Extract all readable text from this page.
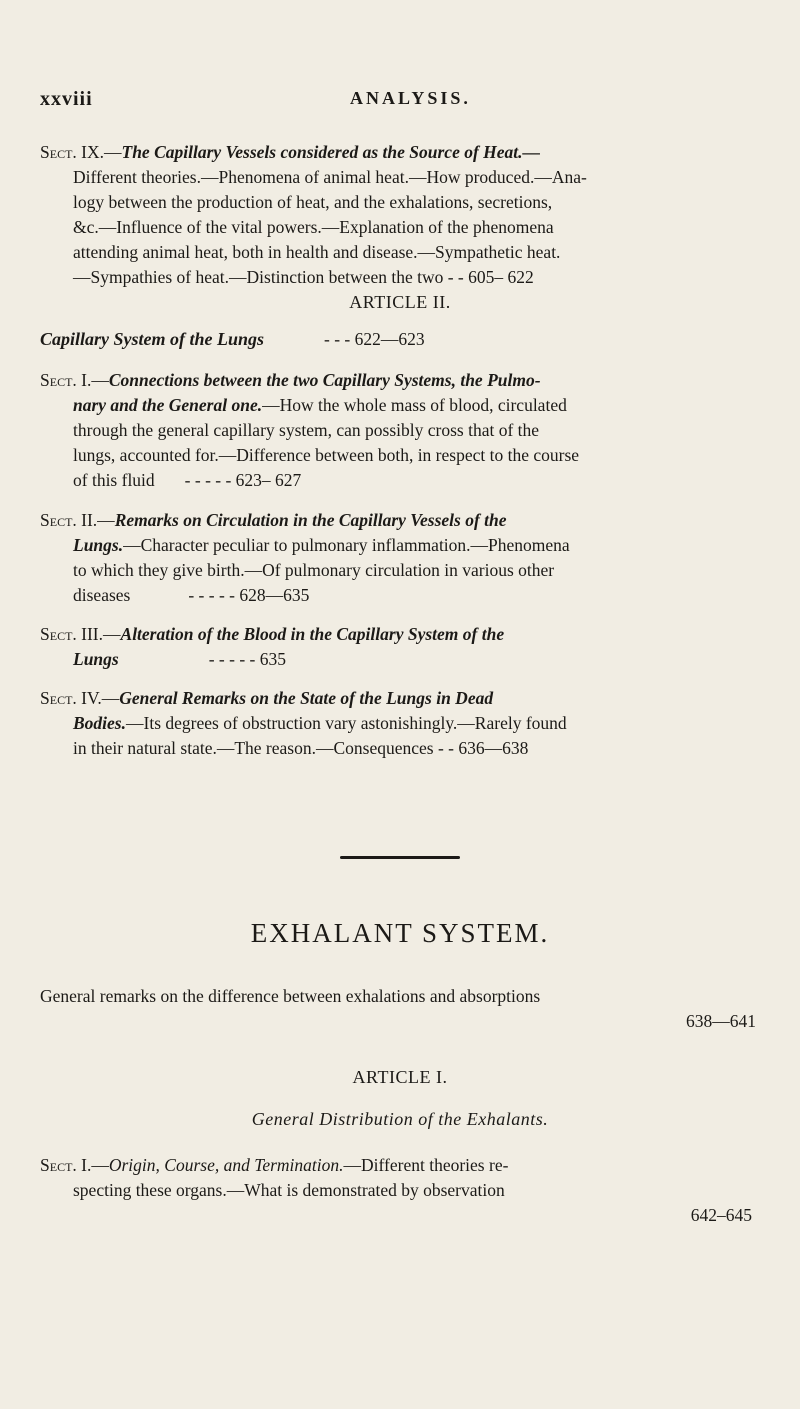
xxviii	ANALYSIS.
Sect. IX.—The Capillary Vessels considered as the Source of Heat.—
Different theories.—Phenomena of animal heat.—How produced.—Ana-
logy between the production of heat, and the exhalations, secretions,
&c.—Influence of the vital powers.—Explanation of the phenomena
attending animal heat, both in health and disease.—Sympathetic heat.
—Sympathies of heat.—Distinction between the two - - 605– 622
ARTICLE II.
Capillary System of the Lungs	- - - 622—623
Sect. I.—Connections between the two Capillary Systems, the Pulmo-
nary and the General one.—How the whole mass of blood, circulated
through the general capillary system, can possibly cross that of the
lungs, accounted for.—Difference between both, in respect to the course
of this fluid - - - - - 623– 627
Sect. II.—Remarks on Circulation in the Capillary Vessels of the
Lungs.—Character peculiar to pulmonary inflammation.—Phenomena
to which they give birth.—Of pulmonary circulation in various other
diseases	- - - - - 628—635
Sect. III.—Alteration of the Blood in the Capillary System of the
Lungs	- - - - - 635
Sect. IV.—General Remarks on the State of the Lungs in Dead
Bodies.—Its degrees of obstruction vary astonishingly.—Rarely found
in their natural state.—The reason.—Consequences - - 636—638
EXHALANT SYSTEM.
General remarks on the difference between exhalations and absorptions
638—641
ARTICLE I.
General Distribution of the Exhalants.
Sect. I.—Origin, Course, and Termination.—Different theories re-
specting these organs.—What is demonstrated by observation
642–645
